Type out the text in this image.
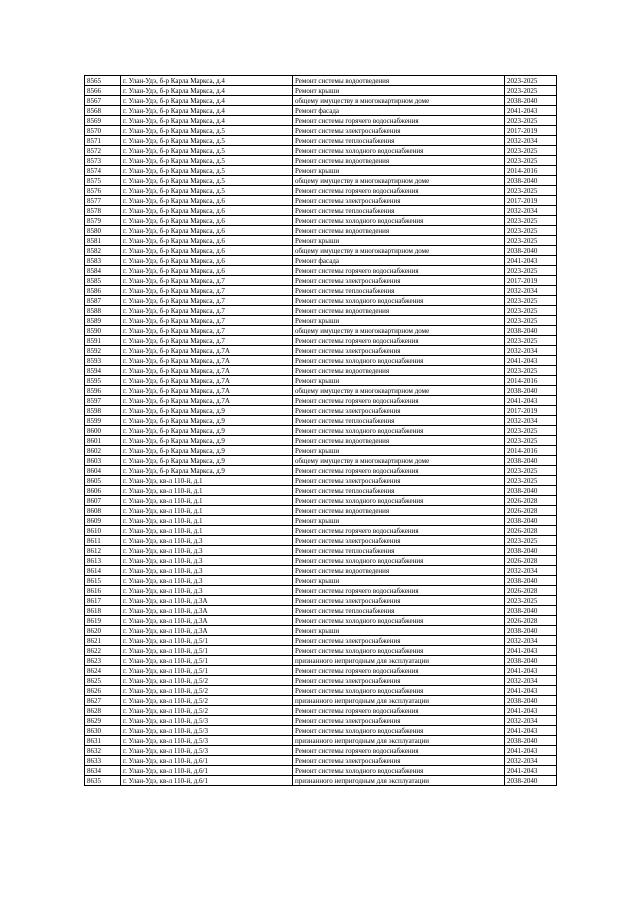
8565	г. Улан-Удэ, б-р Карла Маркса, д.4	Ремонт системы водоотведения	2023-2025
8566	г. Улан-Удэ, б-р Карла Маркса, д.4	Ремонт крыши	2023-2025
8567	г. Улан-Удэ, б-р Карла Маркса, д.4	общему имуществу в многоквартирном доме	2038-2040
8568	г. Улан-Удэ, б-р Карла Маркса, д.4	Ремонт фасада	2041-2043
8569	г. Улан-Удэ, б-р Карла Маркса, д.4	Ремонт системы горячего водоснабжения	2023-2025
8570	г. Улан-Удэ, б-р Карла Маркса, д.5	Ремонт системы электроснабжения	2017-2019
8571	г. Улан-Удэ, б-р Карла Маркса, д.5	Ремонт системы теплоснабжения	2032-2034
8572	г. Улан-Удэ, б-р Карла Маркса, д.5	Ремонт системы холодного водоснабжения	2023-2025
8573	г. Улан-Удэ, б-р Карла Маркса, д.5	Ремонт системы водоотведения	2023-2025
8574	г. Улан-Удэ, б-р Карла Маркса, д.5	Ремонт крыши	2014-2016
8575	г. Улан-Удэ, б-р Карла Маркса, д.5	общему имуществу в многоквартирном доме	2038-2040
8576	г. Улан-Удэ, б-р Карла Маркса, д.5	Ремонт системы горячего водоснабжения	2023-2025
8577	г. Улан-Удэ, б-р Карла Маркса, д.6	Ремонт системы электроснабжения	2017-2019
8578	г. Улан-Удэ, б-р Карла Маркса, д.6	Ремонт системы теплоснабжения	2032-2034
8579	г. Улан-Удэ, б-р Карла Маркса, д.6	Ремонт системы холодного водоснабжения	2023-2025
8580	г. Улан-Удэ, б-р Карла Маркса, д.6	Ремонт системы водоотведения	2023-2025
8581	г. Улан-Удэ, б-р Карла Маркса, д.6	Ремонт крыши	2023-2025
8582	г. Улан-Удэ, б-р Карла Маркса, д.6	общему имуществу в многоквартирном доме	2038-2040
8583	г. Улан-Удэ, б-р Карла Маркса, д.6	Ремонт фасада	2041-2043
8584	г. Улан-Удэ, б-р Карла Маркса, д.6	Ремонт системы горячего водоснабжения	2023-2025
8585	г. Улан-Удэ, б-р Карла Маркса, д.7	Ремонт системы электроснабжения	2017-2019
8586	г. Улан-Удэ, б-р Карла Маркса, д.7	Ремонт системы теплоснабжения	2032-2034
8587	г. Улан-Удэ, б-р Карла Маркса, д.7	Ремонт системы холодного водоснабжения	2023-2025
8588	г. Улан-Удэ, б-р Карла Маркса, д.7	Ремонт системы водоотведения	2023-2025
8589	г. Улан-Удэ, б-р Карла Маркса, д.7	Ремонт крыши	2023-2025
8590	г. Улан-Удэ, б-р Карла Маркса, д.7	общему имуществу в многоквартирном доме	2038-2040
8591	г. Улан-Удэ, б-р Карла Маркса, д.7	Ремонт системы горячего водоснабжения	2023-2025
8592	г. Улан-Удэ, б-р Карла Маркса, д.7А	Ремонт системы электроснабжения	2032-2034
8593	г. Улан-Удэ, б-р Карла Маркса, д.7А	Ремонт системы холодного водоснабжения	2041-2043
8594	г. Улан-Удэ, б-р Карла Маркса, д.7А	Ремонт системы водоотведения	2023-2025
8595	г. Улан-Удэ, б-р Карла Маркса, д.7А	Ремонт крыши	2014-2016
8596	г. Улан-Удэ, б-р Карла Маркса, д.7А	общему имуществу в многоквартирном доме	2038-2040
8597	г. Улан-Удэ, б-р Карла Маркса, д.7А	Ремонт системы горячего водоснабжения	2041-2043
8598	г. Улан-Удэ, б-р Карла Маркса, д.9	Ремонт системы электроснабжения	2017-2019
8599	г. Улан-Удэ, б-р Карла Маркса, д.9	Ремонт системы теплоснабжения	2032-2034
8600	г. Улан-Удэ, б-р Карла Маркса, д.9	Ремонт системы холодного водоснабжения	2023-2025
8601	г. Улан-Удэ, б-р Карла Маркса, д.9	Ремонт системы водоотведения	2023-2025
8602	г. Улан-Удэ, б-р Карла Маркса, д.9	Ремонт крыши	2014-2016
8603	г. Улан-Удэ, б-р Карла Маркса, д.9	общему имуществу в многоквартирном доме	2038-2040
8604	г. Улан-Удэ, б-р Карла Маркса, д.9	Ремонт системы горячего водоснабжения	2023-2025
8605	г. Улан-Удэ, кв-л 110-й, д.1	Ремонт системы электроснабжения	2023-2025
8606	г. Улан-Удэ, кв-л 110-й, д.1	Ремонт системы теплоснабжения	2038-2040
8607	г. Улан-Удэ, кв-л 110-й, д.1	Ремонт системы холодного водоснабжения	2026-2028
8608	г. Улан-Удэ, кв-л 110-й, д.1	Ремонт системы водоотведения	2026-2028
8609	г. Улан-Удэ, кв-л 110-й, д.1	Ремонт крыши	2038-2040
8610	г. Улан-Удэ, кв-л 110-й, д.1	Ремонт системы горячего водоснабжения	2026-2028
8611	г. Улан-Удэ, кв-л 110-й, д.3	Ремонт системы электроснабжения	2023-2025
8612	г. Улан-Удэ, кв-л 110-й, д.3	Ремонт системы теплоснабжения	2038-2040
8613	г. Улан-Удэ, кв-л 110-й, д.3	Ремонт системы холодного водоснабжения	2026-2028
8614	г. Улан-Удэ, кв-л 110-й, д.3	Ремонт системы водоотведения	2032-2034
8615	г. Улан-Удэ, кв-л 110-й, д.3	Ремонт крыши	2038-2040
8616	г. Улан-Удэ, кв-л 110-й, д.3	Ремонт системы горячего водоснабжения	2026-2028
8617	г. Улан-Удэ, кв-л 110-й, д.3А	Ремонт системы электроснабжения	2023-2025
8618	г. Улан-Удэ, кв-л 110-й, д.3А	Ремонт системы теплоснабжения	2038-2040
8619	г. Улан-Удэ, кв-л 110-й, д.3А	Ремонт системы холодного водоснабжения	2026-2028
8620	г. Улан-Удэ, кв-л 110-й, д.3А	Ремонт крыши	2038-2040
8621	г. Улан-Удэ, кв-л 110-й, д.5/1	Ремонт системы электроснабжения	2032-2034
8622	г. Улан-Удэ, кв-л 110-й, д.5/1	Ремонт системы холодного водоснабжения	2041-2043
8623	г. Улан-Удэ, кв-л 110-й, д.5/1	признанного непригодным для эксплуатации	2038-2040
8624	г. Улан-Удэ, кв-л 110-й, д.5/1	Ремонт системы горячего водоснабжения	2041-2043
8625	г. Улан-Удэ, кв-л 110-й, д.5/2	Ремонт системы электроснабжения	2032-2034
8626	г. Улан-Удэ, кв-л 110-й, д.5/2	Ремонт системы холодного водоснабжения	2041-2043
8627	г. Улан-Удэ, кв-л 110-й, д.5/2	признанного непригодным для эксплуатации	2038-2040
8628	г. Улан-Удэ, кв-л 110-й, д.5/2	Ремонт системы горячего водоснабжения	2041-2043
8629	г. Улан-Удэ, кв-л 110-й, д.5/3	Ремонт системы электроснабжения	2032-2034
8630	г. Улан-Удэ, кв-л 110-й, д.5/3	Ремонт системы холодного водоснабжения	2041-2043
8631	г. Улан-Удэ, кв-л 110-й, д.5/3	признанного непригодным для эксплуатации	2038-2040
8632	г. Улан-Удэ, кв-л 110-й, д.5/3	Ремонт системы горячего водоснабжения	2041-2043
8633	г. Улан-Удэ, кв-л 110-й, д.6/1	Ремонт системы электроснабжения	2032-2034
8634	г. Улан-Удэ, кв-л 110-й, д.6/1	Ремонт системы холодного водоснабжения	2041-2043
8635	г. Улан-Удэ, кв-л 110-й, д.6/1	признанного непригодным для эксплуатации	2038-2040
